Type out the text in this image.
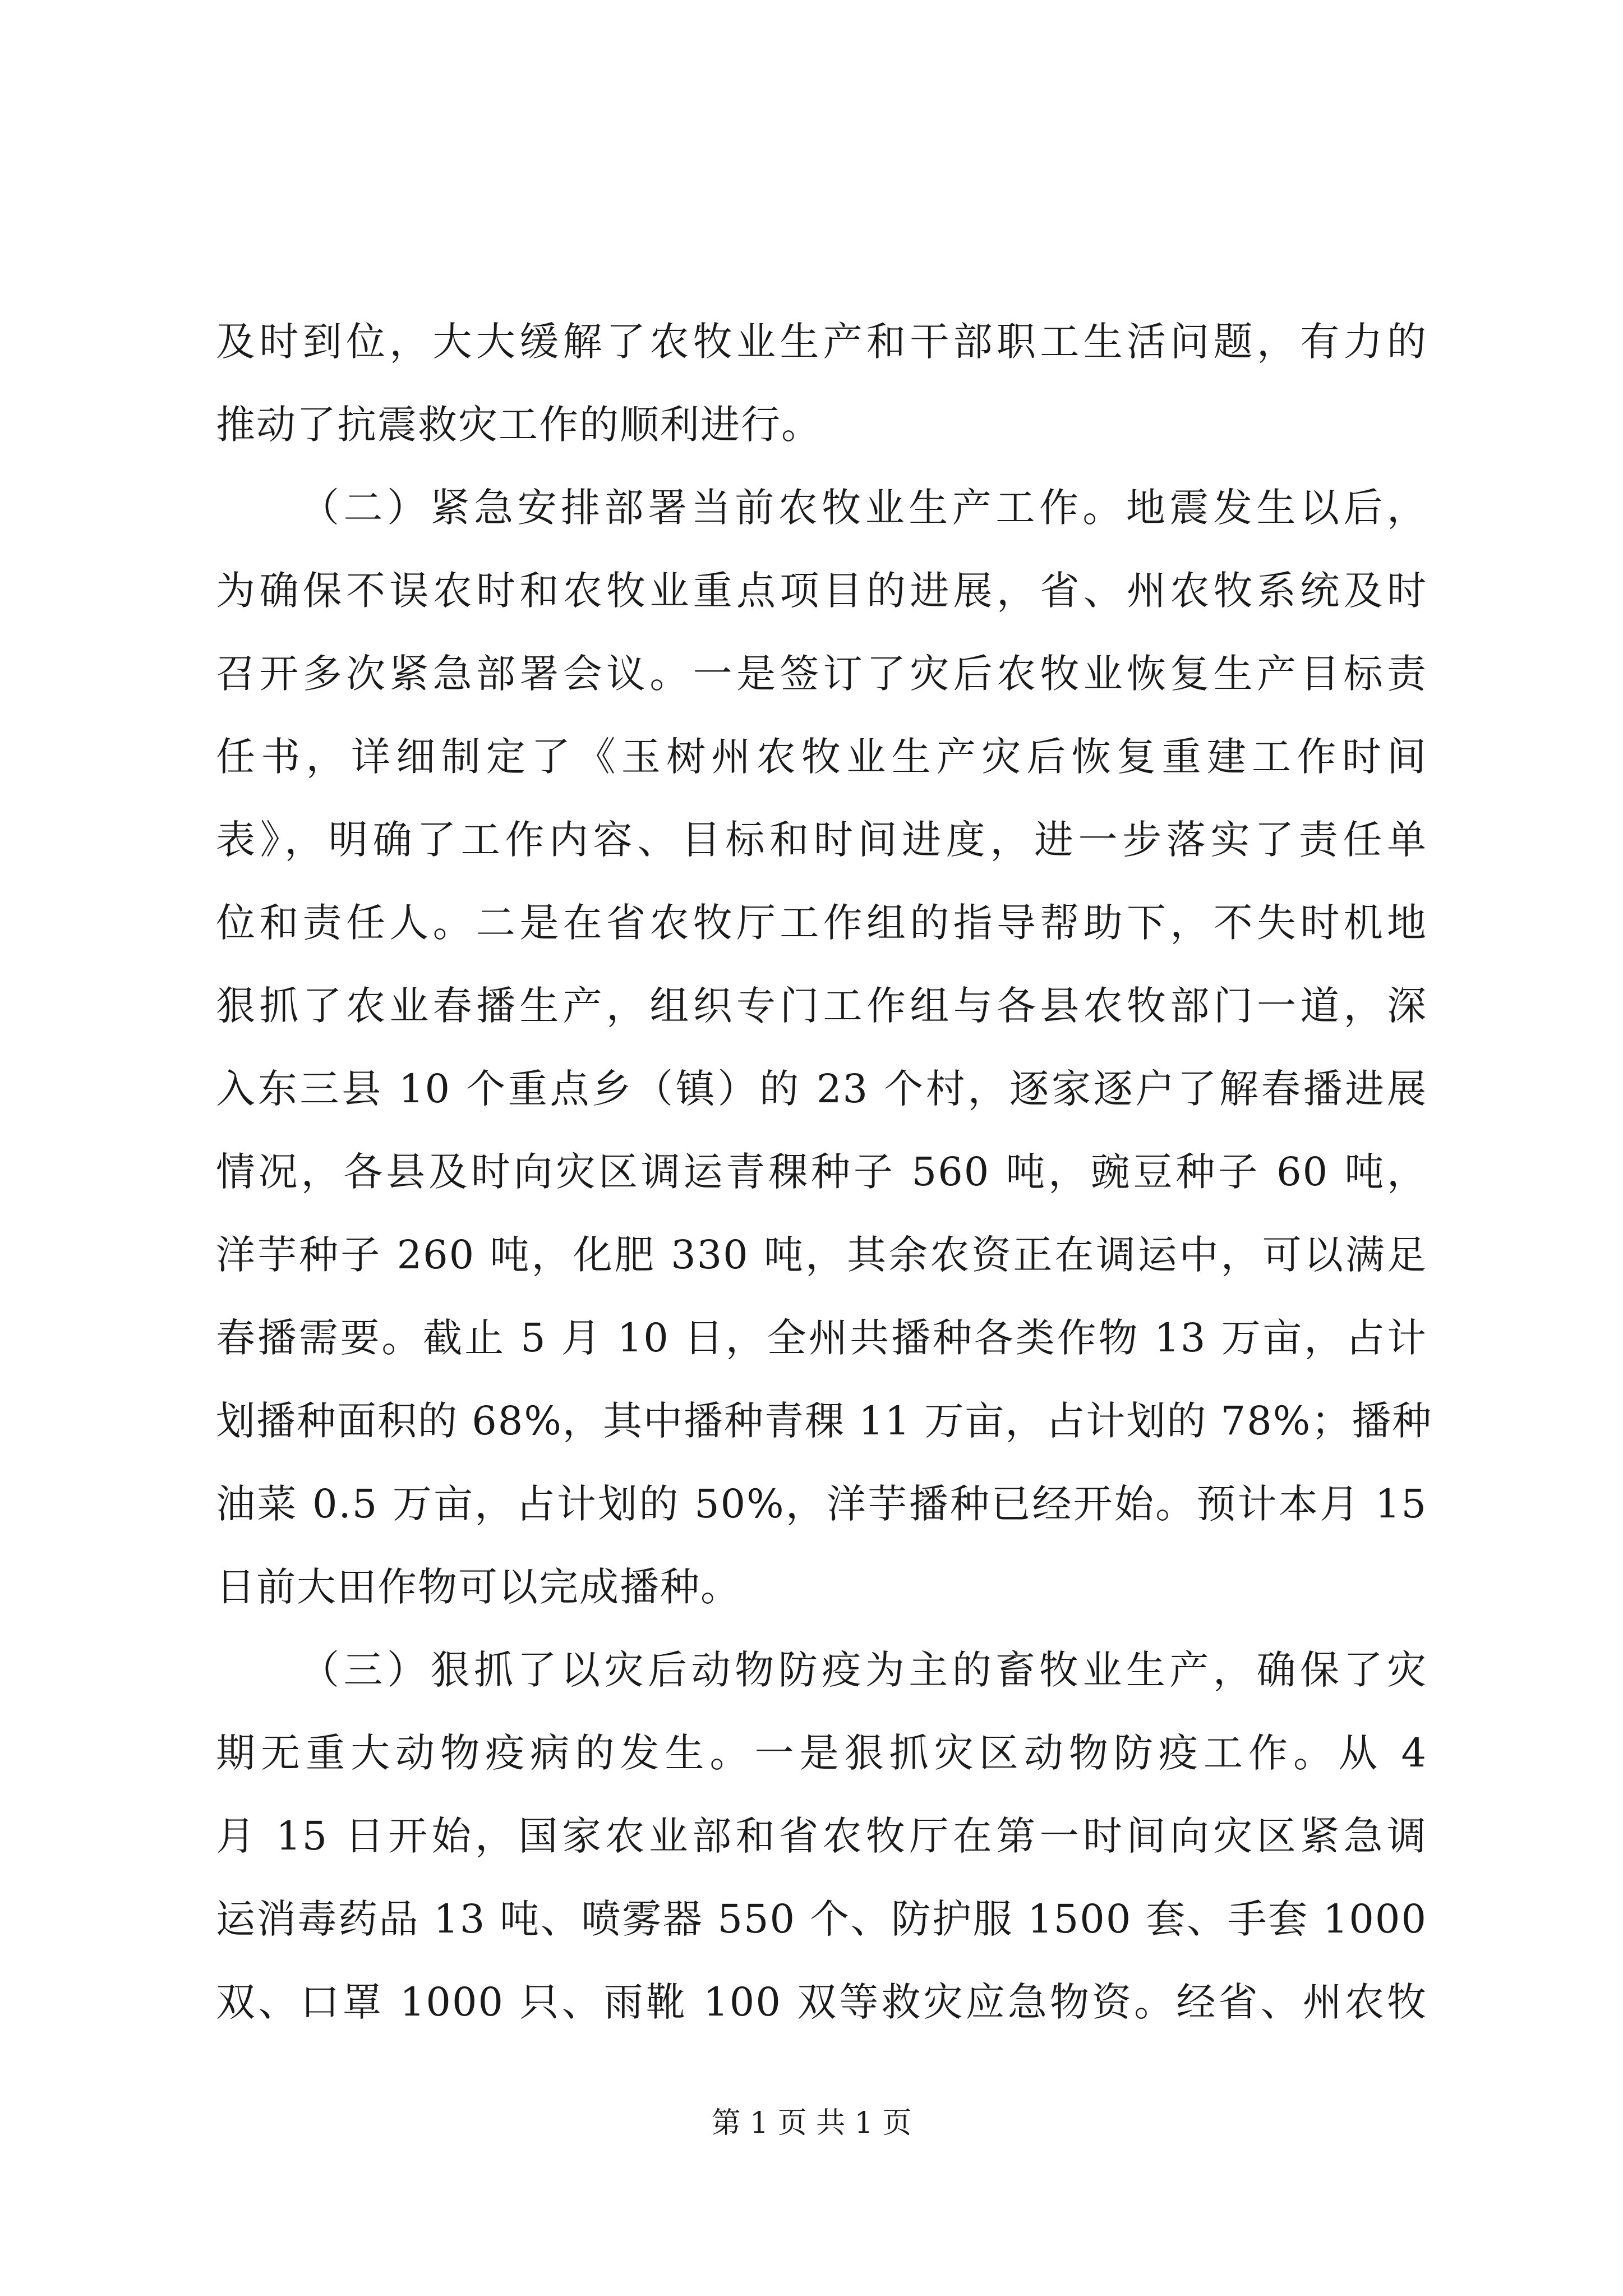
及时到位，大大缓解了农牧业生产和干部职工生活问题，有力的
推动了抗震救灾工作的顺利进行。
（二）紧急安排部署当前农牧业生产工作。地震发生以后，
为确保不误农时和农牧业重点项目的进展，省、州农牧系统及时
召开多次紧急部署会议。一是签订了灾后农牧业恢复生产目标责
任书，详细制定了《玉树州农牧业生产灾后恢复重建工作时间
表》，明确了工作内容、目标和时间进度，进一步落实了责任单
位和责任人。二是在省农牧厅工作组的指导帮助下，不失时机地
狠抓了农业春播生产，组织专门工作组与各县农牧部门一道，深
入东三县 10 个重点乡（镇）的 23 个村，逐家逐户了解春播进展
情况，各县及时向灾区调运青稞种子 560 吨，豌豆种子 60 吨，
洋芋种子 260 吨，化肥 330 吨，其余农资正在调运中，可以满足
春播需要。截止 5 月 10 日，全州共播种各类作物 13 万亩，占计
划播种面积的 68%，其中播种青稞 11 万亩，占计划的 78%；播种
油菜 0.5 万亩，占计划的 50%，洋芋播种已经开始。预计本月 15
日前大田作物可以完成播种。
（三）狠抓了以灾后动物防疫为主的畜牧业生产，确保了灾
期无重大动物疫病的发生。一是狠抓灾区动物防疫工作。从 4
月 15 日开始，国家农业部和省农牧厅在第一时间向灾区紧急调
运消毒药品 13 吨、喷雾器 550 个、防护服 1500 套、手套 1000
双、口罩 1000 只、雨靴 100 双等救灾应急物资。经省、州农牧
第 1 页 共 1 页
